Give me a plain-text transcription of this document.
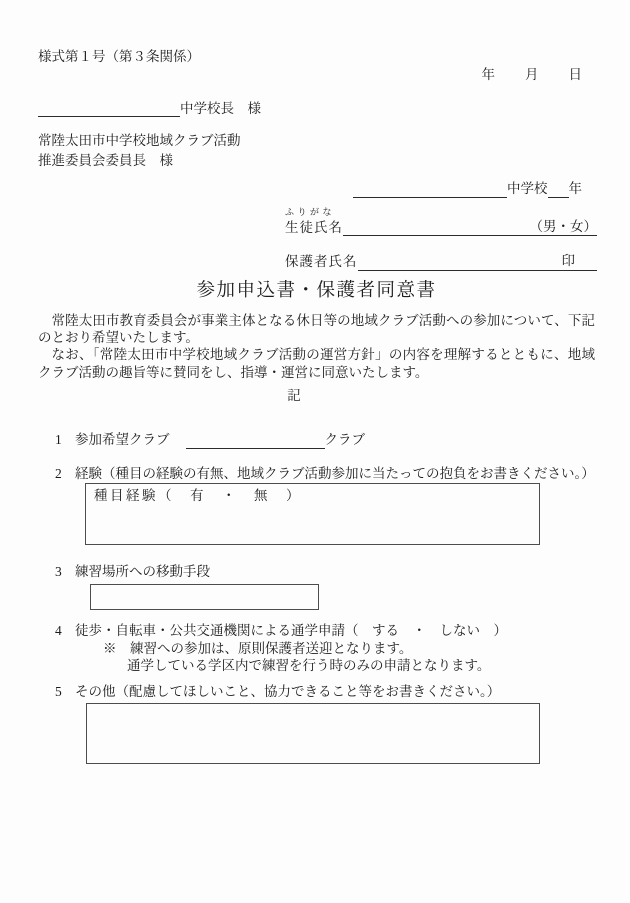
様式第１号（第３条関係）
年　　月　　日
中学校長　様
常陸太田市中学校地域クラブ活動
推進委員会委員長　様
中学校 年
ふりがな
生徒氏名	（男・女）
保護者氏名	印
参加申込書・保護者同意書

常陸太田市教育委員会が事業主体となる休日等の地域クラブ活動への参加について、下記のとおり希望いたします。

なお、「常陸太田市中学校地域クラブ活動の運営方針」の内容を理解するとともに、地域クラブ活動の趣旨等に賛同をし、指導・運営に同意いたします。

記
1 参加希望クラブ	クラブ
2 経験（種目の経験の有無、地域クラブ活動参加に当たっての抱負をお書きください。）
種目経験（　有　・　無　）
3 練習場所への移動手段
4 徒歩・自転車・公共交通機関による通学申請（　する　・　しない　）
※　練習への参加は、原則保護者送迎となります。
通学している学区内で練習を行う時のみの申請となります。
5 その他（配慮してほしいこと、協力できること等をお書きください。）
